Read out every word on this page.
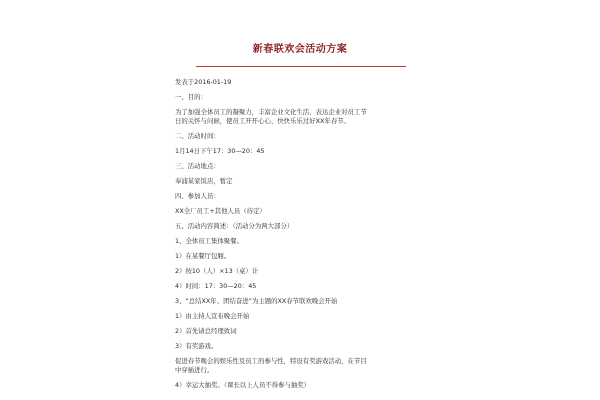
新春联欢会活动方案
发表于2016-01-19
一、目的：
为了加强全体员工的凝聚力，丰富企业文化生活，表达企业对员工节
日的关怀与问候，使员工开开心心、快快乐乐过好XX年春节。
二、活动时间：
1月14日下午17：30—20：45
三、活动地点：
奉浦某家饭店，暂定
四、参加人员：
XX全厂员工+其他人员（待定）
五、活动内容简述：（活动分为两大部分）
1、全体员工集体聚餐。
1）在某餐厅包厢。
2）按10（人）×13（桌）计
4）时间：17：30—20：45
3、“总结XX年、团结奋进”为主题的XX春节联欢晚会开始
1）由主持人宣布晚会开始
2）首先请总经理致词
3）有奖游戏。
促进春节晚会的娱乐性及员工的参与性，特设有奖游戏活动，在节目
中穿插进行。
4）幸运大抽奖。（课长以上人员不得参与抽奖）
